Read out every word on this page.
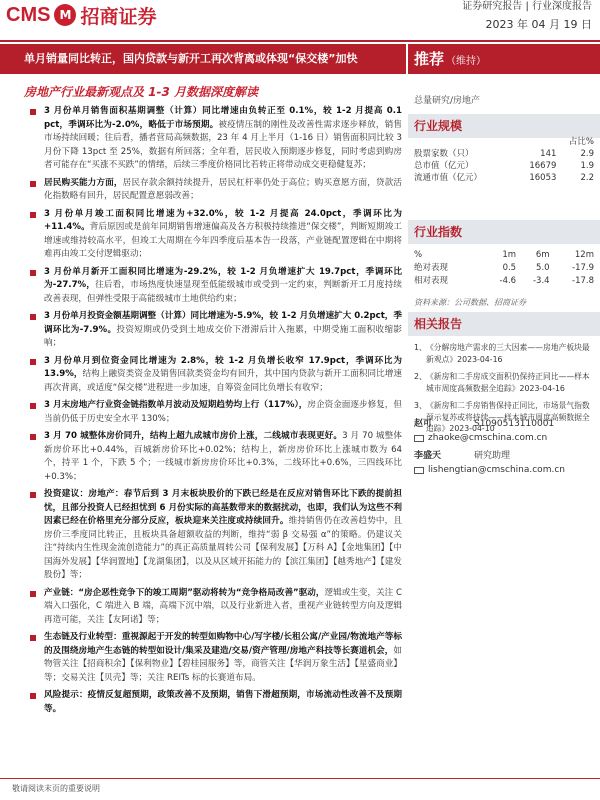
CMS M 招商证券	证券研究报告 | 行业深度报告
2023 年 04 月 19 日
单月销量同比转正，国内贷款与新开工再次背离或体现“保交楼”加快	推荐 （维持）
房地产行业最新观点及 1-3 月数据深度解读

3 月份单月销售面积基期调整（计算）同比增速由负转正至 0.1%，较 1-2 月提高 0.1 pct，季调环比为-2.0%，略低于市场预期。被疫情压制的刚性及改善性需求逐步释放，销售市场持续回暖；往后看，播者营局高频数据，23 年 4 月上半月（1-16 日）销售面积同比较 3 月份下降 13pct 至 25%，数据有所回落；全年看，居民收入预期逐步修复，同时考虑到购房者可能存在“买涨不买跌”的情绪，后续三季度价格同比若转正将带动成交更稳健复苏；

居民购买能力方面，居民存款余额持续提升，居民杠杆率仍处于高位；购买意愿方面，贷款活化指数略有回升，居民配置意愿弱改善；

3 月份单月竣工面积同比增速为+32.0%，较 1-2 月提高 24.0pct，季调环比为+11.4%。背后原因或是前年同期销售增速偏高及各方积极持续推进“保交楼”，判断短期竣工增速或维持较高水平，但竣工大周期在今年四季度后基本告一段落，产业链配置逻辑在中期将难再由竣工交付逻辑驱动；

3 月份单月新开工面积同比增速为-29.2%，较 1-2 月负增速扩大 19.7pct，季调环比为-27.7%，往后看，市场热度快速显现至低能级城市或受到一定约束，判断新开工月度持续改善表现，但弹性受限于高能级城市土地供给约束；

3 月份单月投资金额基期调整（计算）同比增速为-5.9%，较 1-2 月负增速扩大 0.2pct，季调环比为-7.9%。投资短期或仍受到土地成交价下滑滞后计入拖累，中期受施工面积收缩影响；

3 月份单月到位资金同比增速为 2.8%，较 1-2 月负增长收窄 17.9pct，季调环比为 13.9%，结构上融资类资金及销售回款类资金均有回升，其中国内贷款与新开工面积同比增速再次背离，或适度“保交楼”进程进一步加速，自筹资金同比负增长有收窄；

3 月末房地产行业资金链指数单月波动及短期趋势均上行（117%），房企资金面逐步修复，但当前仍低于历史安全水平 130%；

3 月 70 城整体房价同升，结构上超九成城市房价上涨，二线城市表现更好。3 月 70 城整体新房价环比+0.44%，百城新房价环比+0.02%；结构上，新房房价环比上涨城市数为 64 个，持平 1 个，下跌 5 个；一线城市新房房价环比+0.3%，二线环比+0.6%，三四线环比+0.3%；

投资建议：房地产：春节后到 3 月末板块股价的下跌已经是在反应对销售环比下跌的提前担忧，且部分投资人已经担忧到 6 月份实际的高基数带来的数据扰动，也即，我们认为这些不利因素已经在价格里充分部分反应，板块迎来关注度或持续回升。维持销售仍在改善趋势中，且房价三季度同比转正，且板块具备超额收益的判断，维持“弱 β 交易强 α”的策略。仍建议关注“持续内生性现金流创造能力”的真正高质量周转公司【保利发展】【万科 A】【金地集团】【中国海外发展】【华润置地】【龙湖集团】，以及从区域开拓能力的【滨江集团】【越秀地产】【建发股份】等；

产业链：“房企恶性竞争下的竣工周期”驱动将转为“竞争格局改善”驱动，逻辑或生变，关注 C 端入口强化，C 端进入 B 端，高端下沉中端，以及行业新进入者，重视产业链转型方向及逻辑再造可能，关注【友阿诺】等；

生态链及行业转型：重视源起于开发的转型如购物中心/写字楼/长租公寓/产业园/物流地产等标的及围绕房地产生态链的转型如设计/集采及建造/交易/资产管理/房地产科技等长赛道机会，如物管关注【招商积余】【保利物业】【碧桂园服务】等，商管关注【华润万象生活】【星盛商业】等；交易关注【贝壳】等；关注 REITs 标的长赛道布局。

风险提示：疫情反复超预期，政策改善不及预期，销售下滑超预期，市场流动性改善不及预期等。

总量研究/房地产
行业规模
		占比%
股票家数（只）	141	2.9
总市值（亿元）	16679	1.9
流通市值（亿元）	16053	2.2
行业指数
%	1m	6m	12m
绝对表现	0.5	5.0	-17.9
相对表现	-4.6	-3.4	-17.8
资料来源：公司数据、招商证券
相关报告
1、 《分解房地产需求的三大因素——房地产板块最新观点》2023-04-16
2、 《新房和二手房成交面积仍保持正同比——样本城市周度高频数据全追踪》2023-04-16
3、 《新房和二手房销售保持正同比，市场景气指数预示复苏或将持续——样本城市周度高频数据全追踪》2023-04-10
赵可	S1090513110001
zhaoke@cmschina.com.cn
李盛天	研究助理
lishengtian@cmschina.com.cn
敬请阅读末页的重要说明
